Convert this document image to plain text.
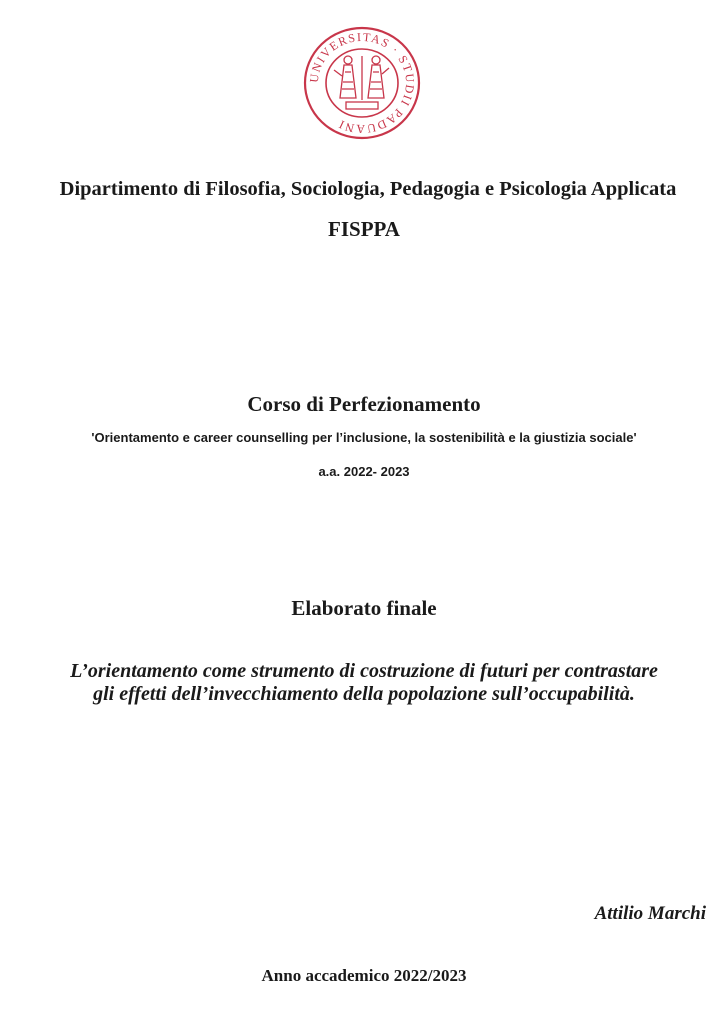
UNIVERSITAS · STUDII PADUANI
Dipartimento di Filosofia, Sociologia, Pedagogia e Psicologia Applicata
FISPPA
Corso di Perfezionamento
'Orientamento e career counselling per l’inclusione, la sostenibilità e la giustizia sociale'
a.a. 2022- 2023
Elaborato finale
L’orientamento come strumento di costruzione di futuri per contrastare
gli effetti dell’invecchiamento della popolazione sull’occupabilità.
Attilio Marchi
Anno accademico 2022/2023
